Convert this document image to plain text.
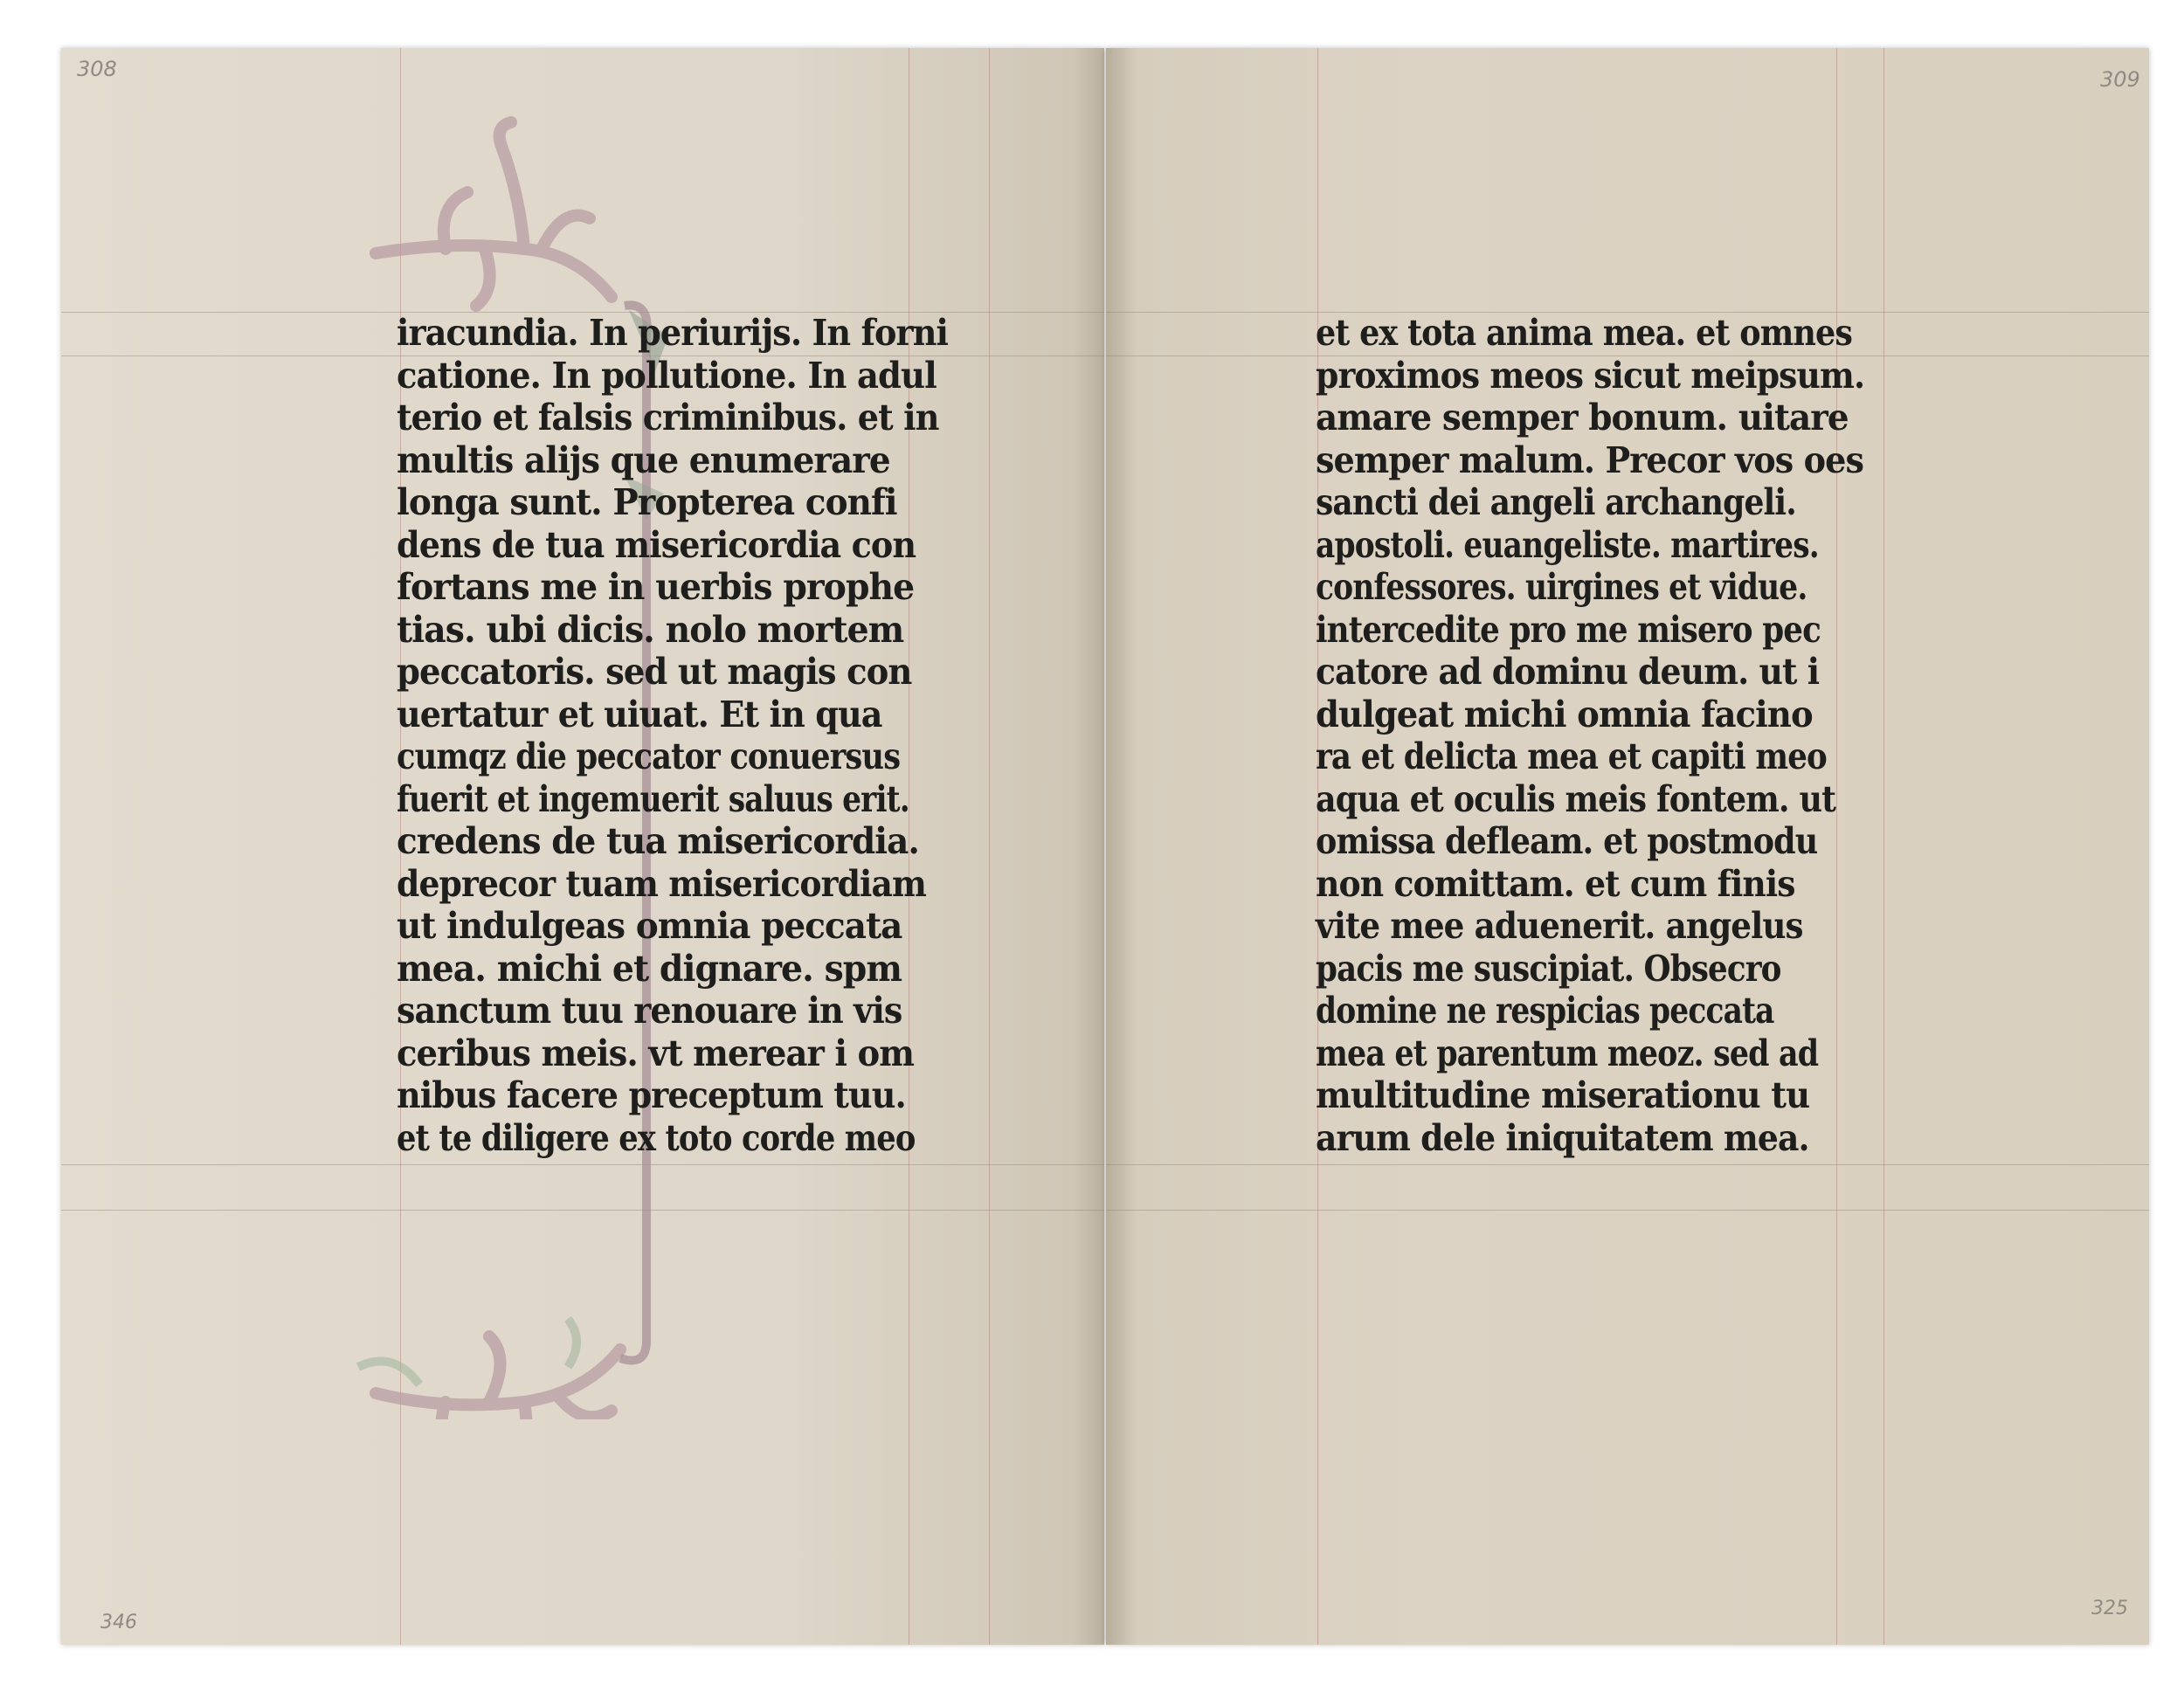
308
346
iracundia. In periurijs. In forni
catione. In pollutione. In adul
terio et falsis criminibus. et in
multis alijs que enumerare
longa sunt. Propterea confi
dens de tua misericordia con
fortans me in uerbis prophe
tias. ubi dicis. nolo mortem
peccatoris. sed ut magis con
uertatur et uiuat. Et in qua
cumqz die peccator conuersus
fuerit et ingemuerit saluus erit.
credens de tua misericordia.
deprecor tuam misericordiam
ut indulgeas omnia peccata
mea. michi et dignare. spm
sanctum tuu renouare in vis
ceribus meis. vt merear i om
nibus facere preceptum tuu.
et te diligere ex toto corde meo
309
325
et ex tota anima mea. et omnes
proximos meos sicut meipsum.
amare semper bonum. uitare
semper malum. Precor vos oes
sancti dei angeli archangeli.
apostoli. euangeliste. martires.
confessores. uirgines et vidue.
intercedite pro me misero pec
catore ad dominu deum. ut i
dulgeat michi omnia facino
ra et delicta mea et capiti meo
aqua et oculis meis fontem. ut
omissa defleam. et postmodu
non comittam. et cum finis
vite mee aduenerit. angelus
pacis me suscipiat. Obsecro
domine ne respicias peccata
mea et parentum meoz. sed ad
multitudine miserationu tu
arum dele iniquitatem mea.
